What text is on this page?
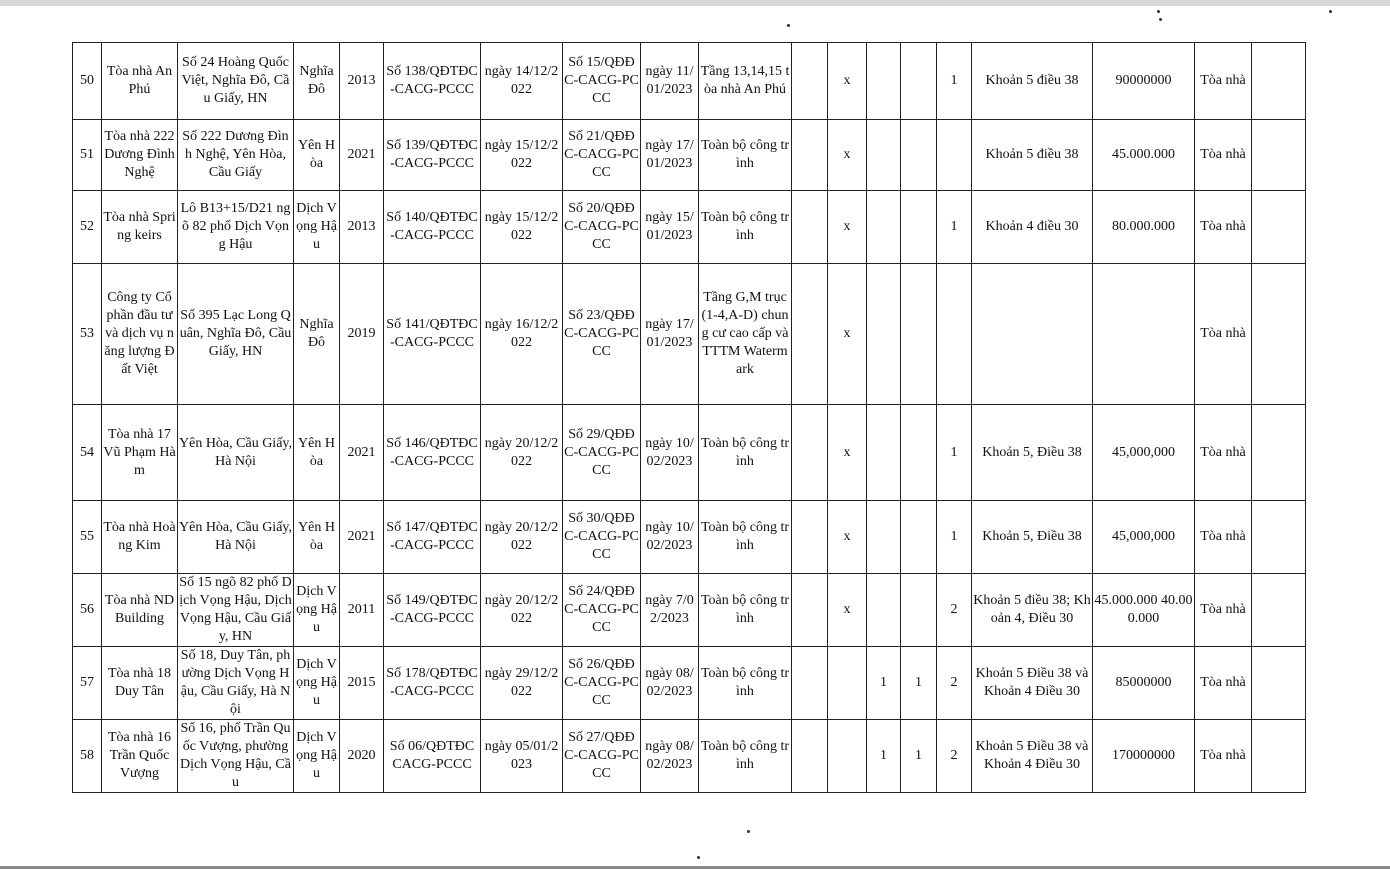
50	Tòa nhà An Phú	Số 24 Hoàng Quốc Việt, Nghĩa Đô, Cầu Giấy, HN	Nghĩa Đô	2013	Số 138/QĐTĐC-CACG-PCCC	ngày 14/12/2022	Số 15/QĐĐC-CACG-PCCC	ngày 11/01/2023	Tầng 13,14,15 tòa nhà An Phú		x			1	Khoản 5 điều 38	90000000	Tòa nhà	
51	Tòa nhà 222 Dương Đình Nghệ	Số 222 Dương Đình Nghệ, Yên Hòa, Cầu Giấy	Yên Hòa	2021	Số 139/QĐTĐC-CACG-PCCC	ngày 15/12/2022	Số 21/QĐĐC-CACG-PCCC	ngày 17/01/2023	Toàn bộ công trình		x				Khoản 5 điều 38	45.000.000	Tòa nhà	
52	Tòa nhà Spring keirs	Lô B13+15/D21 ngõ 82 phố Dịch Vọng Hậu	Dịch Vọng Hậu	2013	Số 140/QĐTĐC-CACG-PCCC	ngày 15/12/2022	Số 20/QĐĐC-CACG-PCCC	ngày 15/01/2023	Toàn bộ công trình		x			1	Khoản 4 điều 30	80.000.000	Tòa nhà	
53	Công ty Cổ phần đầu tư và dịch vụ năng lượng Đất Việt	Số 395 Lạc Long Quân, Nghĩa Đô, Cầu Giấy, HN	Nghĩa Đô	2019	Số 141/QĐTĐC-CACG-PCCC	ngày 16/12/2022	Số 23/QĐĐC-CACG-PCCC	ngày 17/01/2023	Tầng G,M trục (1-4,A-D) chung cư cao cấp và TTTM Watermark		x						Tòa nhà	
54	Tòa nhà 17 Vũ Phạm Hàm	Yên Hòa, Cầu Giấy, Hà Nội	Yên Hòa	2021	Số 146/QĐTĐC-CACG-PCCC	ngày 20/12/2022	Số 29/QĐĐC-CACG-PCCC	ngày 10/02/2023	Toàn bộ công trình		x			1	Khoản 5, Điều 38	45,000,000	Tòa nhà	
55	Tòa nhà Hoàng Kim	Yên Hòa, Cầu Giấy, Hà Nội	Yên Hòa	2021	Số 147/QĐTĐC-CACG-PCCC	ngày 20/12/2022	Số 30/QĐĐC-CACG-PCCC	ngày 10/02/2023	Toàn bộ công trình		x			1	Khoản 5, Điều 38	45,000,000	Tòa nhà	
56	Tòa nhà ND Building	Số 15 ngõ 82 phố Dịch Vọng Hậu, Dịch Vọng Hậu, Cầu Giấy, HN	Dịch Vọng Hậu	2011	Số 149/QĐTĐC-CACG-PCCC	ngày 20/12/2022	Số 24/QĐĐC-CACG-PCCC	ngày 7/02/2023	Toàn bộ công trình		x			2	Khoản 5 điều 38; Khoản 4, Điều 30	45.000.000 40.000.000	Tòa nhà	
57	Tòa nhà 18 Duy Tân	Số 18, Duy Tân, phường Dịch Vọng Hậu, Cầu Giấy, Hà Nội	Dịch Vọng Hậu	2015	Số 178/QĐTĐC-CACG-PCCC	ngày 29/12/2022	Số 26/QĐĐC-CACG-PCCC	ngày 08/02/2023	Toàn bộ công trình			1	1	2	Khoản 5 Điều 38 và Khoản 4 Điều 30	85000000	Tòa nhà	
58	Tòa nhà 16 Trần Quốc Vượng	Số 16, phố Trần Quốc Vượng, phường Dịch Vọng Hậu, Cầu	Dịch Vọng Hậu	2020	Số 06/QĐTĐC CACG-PCCC	ngày 05/01/2023	Số 27/QĐĐC-CACG-PCCC	ngày 08/02/2023	Toàn bộ công trình			1	1	2	Khoản 5 Điều 38 và Khoản 4 Điều 30	170000000	Tòa nhà	
